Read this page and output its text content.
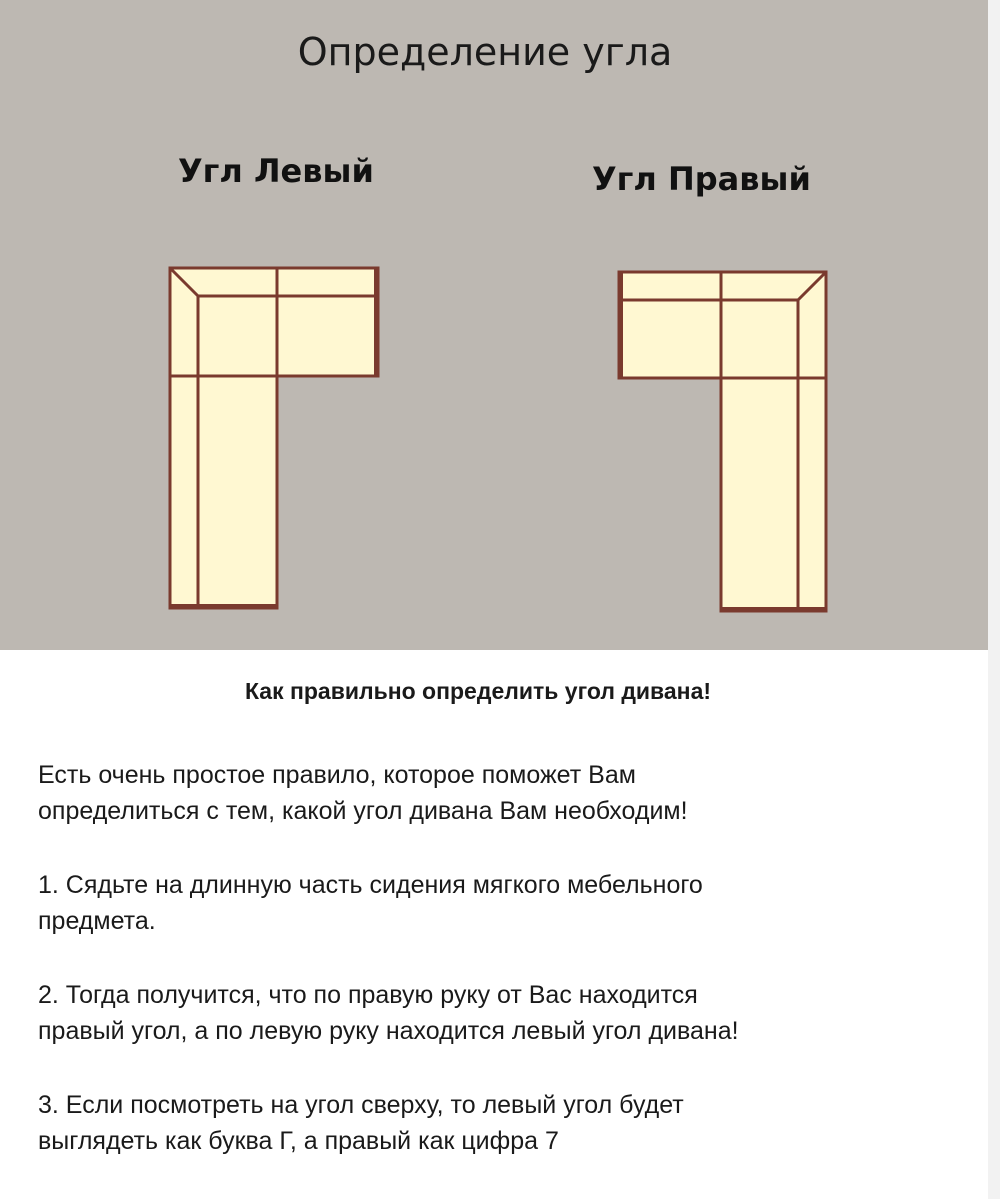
Определение угла
Угл Левый	Угл Правый
Как правильно определить угол дивана!
Есть очень простое правило, которое поможет Вам
определиться с тем, какой угол дивана Вам необходим!
1. Сядьте на длинную часть сидения мягкого мебельного
предмета.
2. Тогда получится, что по правую руку от Вас находится
правый угол, а по левую руку находится левый угол дивана!
3. Если посмотреть на угол сверху, то левый угол будет
выглядеть как буква Г, а правый как цифра 7
